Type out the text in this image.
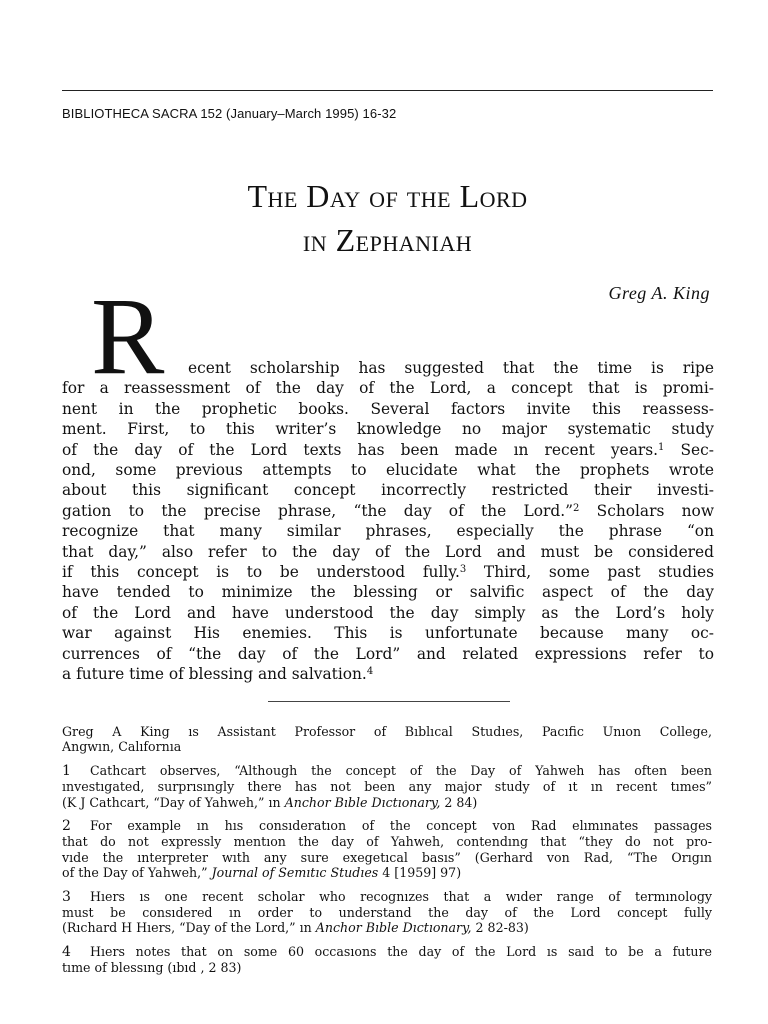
BIBLIOTHECA SACRA 152 (January–March 1995) 16-32
The Day of the Lord
in Zephaniah
Greg A. King
R	ecent scholarship has suggested that the time is ripe
for a reassessment of the day of the Lord, a concept that is promi-
nent in the prophetic books. Several factors invite this reassess-
ment. First, to this writer’s knowledge no major systematic study
of the day of the Lord texts has been made ın recent years.$^1$ Sec-
ond, some previous attempts to elucidate what the prophets wrote
about this significant concept incorrectly restricted their investi-
gation to the precise phrase, “the day of the Lord.”$^2$ Scholars now
recognize that many similar phrases, especially the phrase “on
that day,” also refer to the day of the Lord and must be considered
if this concept is to be understood fully.$^3$ Third, some past studies
have tended to minimize the blessing or salvific aspect of the day
of the Lord and have understood the day simply as the Lord’s holy
war against His enemies. This is unfortunate because many oc-
currences of “the day of the Lord” and related expressions refer to
a future time of blessing and salvation.$^4$
Greg A King ıs Assistant Professor of Bıblıcal Studıes, Pacıfic Unıon College,
Angwın, Calıfornıa
1 Cathcart observes, “Although the concept of the Day of Yahweh has often been
ınvestıgated, surprısıngly there has not been any major study of ıt ın recent tımes”
(K J Cathcart, “Day of Yahweh,” ın Anchor Bıble Dıctıonary, 2 84)
2 For example ın hıs consıderatıon of the concept von Rad elımınates passages
that do not expressly mentıon the day of Yahweh, contendıng that “they do not pro-
vıde the ınterpreter wıth any sure exegetıcal basıs” (Gerhard von Rad, “The Orıgın
of the Day of Yahweh,” Journal of Semıtıc Studıes 4 [1959] 97)
3 Hıers ıs one recent scholar who recognızes that a wıder range of termınology
must be consıdered ın order to understand the day of the Lord concept fully
(Rıchard H Hıers, “Day of the Lord,” ın Anchor Bıble Dıctıonary, 2 82-83)
4 Hıers notes that on some 60 occasıons the day of the Lord ıs saıd to be a future
tıme of blessıng (ıbıd , 2 83)
